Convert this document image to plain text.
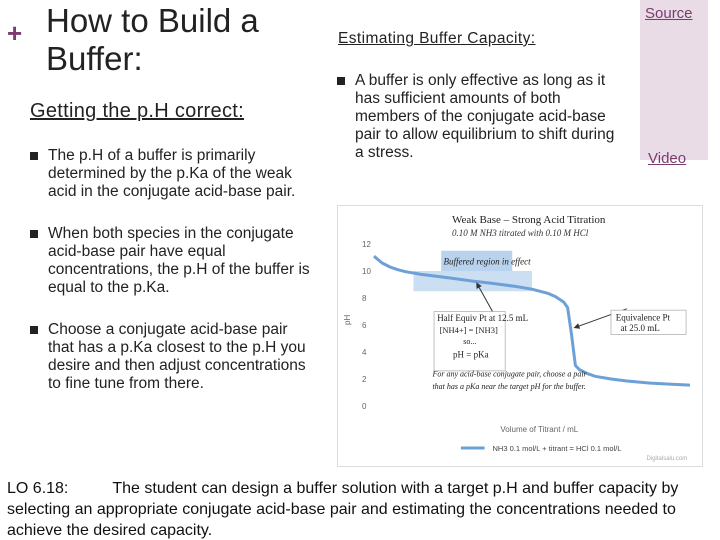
+ How to Build a Buffer:
Getting the p.H correct:
The p.H of a buffer is primarily determined by the p.Ka of the weak acid in the conjugate acid-base pair.
When both species in the conjugate acid-base pair have equal concentrations, the p.H of the buffer is equal to the p.Ka.
Choose a conjugate acid-base pair that has a p.Ka closest to the p.H you desire and then adjust concentrations to fine tune from there.
Estimating Buffer Capacity:
A buffer is only effective as long as it has sufficient amounts of both members of the conjugate acid-base pair to allow equilibrium to shift during a stress.
Source
Video
Weak Base – Strong Acid Titration
0.10 M NH3 titrated with 0.10 M HCl
Buffered region in effect
0
2
4
6
8
10
12
pH	Equivalence Pt
at 25.0 mL
Half Equiv Pt at 12.5 mL
[NH4+] = [NH3]
so...
pH = pKa
For any acid-base conjugate pair, choose a pair
that has a pKa near the target pH for the buffer.
Volume of Titrant / mL
NH3 0.1 mol/L + titrant = HCl 0.1 mol/L
Digitalsalu.com
LO 6.18:	The student can design a buffer solution with a target p.H and buffer capacity by selecting an appropriate conjugate acid-base pair and estimating the concentrations needed to achieve the desired capacity.
